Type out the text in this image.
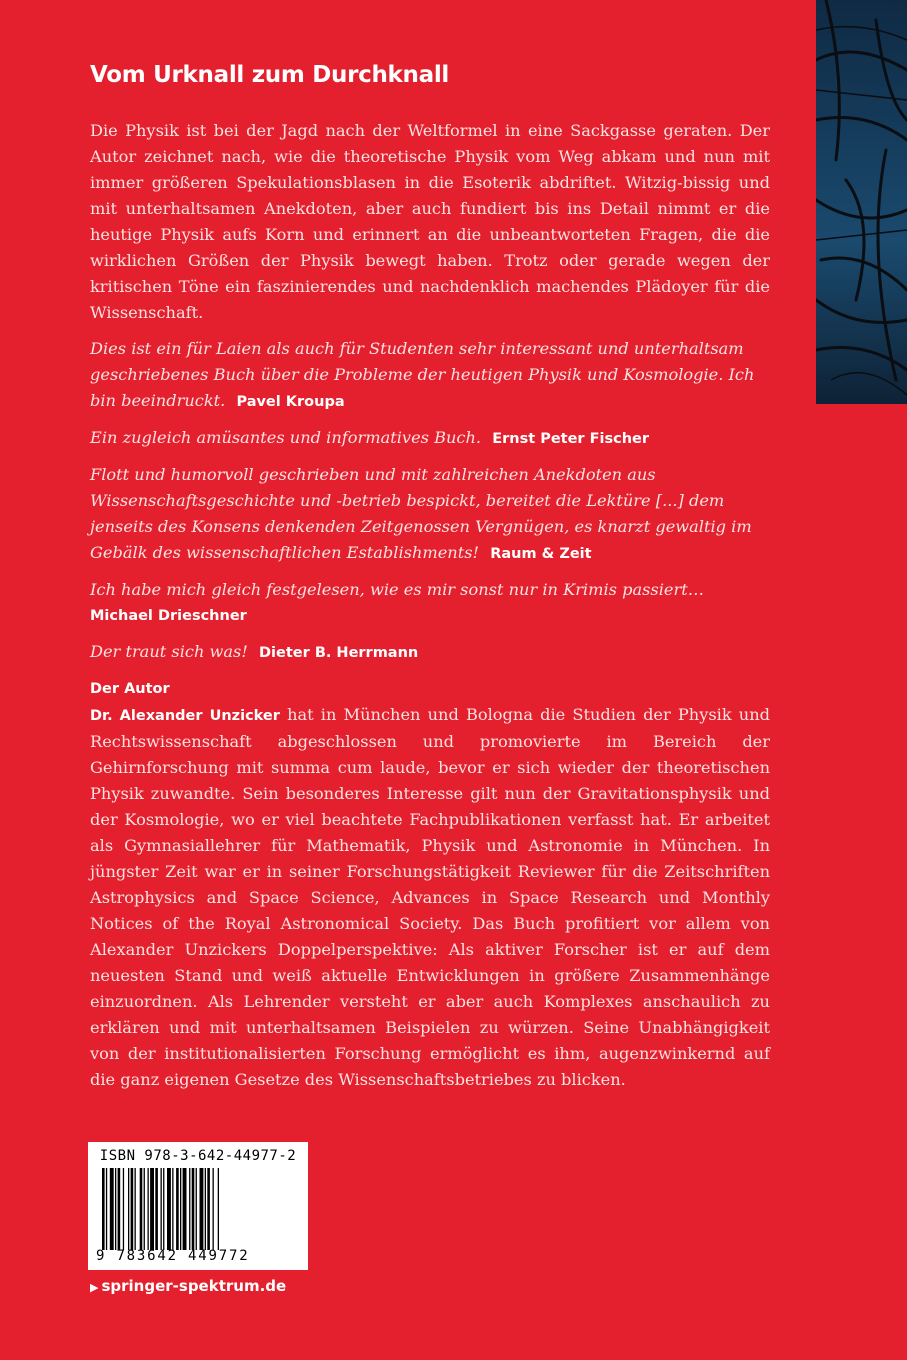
Vom Urknall zum Durchknall

Die Physik ist bei der Jagd nach der Weltformel in eine Sackgasse geraten. Der Autor zeichnet nach, wie die theoretische Physik vom Weg abkam und nun mit immer größeren Spekulationsblasen in die Esoterik abdriftet. Witzig-bissig und mit unterhaltsamen Anekdoten, aber auch fundiert bis ins Detail nimmt er die heutige Physik aufs Korn und erinnert an die unbeantworteten Fragen, die die wirklichen Größen der Physik bewegt haben. Trotz oder gerade wegen der kritischen Töne ein faszinierendes und nachdenklich machendes Plädoyer für die Wissenschaft.

Dies ist ein für Laien als auch für Studenten sehr interessant und unterhaltsam geschriebenes Buch über die Probleme der heutigen Physik und Kosmologie. Ich bin beeindruckt. Pavel Kroupa

Ein zugleich amüsantes und informatives Buch. Ernst Peter Fischer

Flott und humorvoll geschrieben und mit zahlreichen Anekdoten aus Wissenschaftsgeschichte und -betrieb bespickt, bereitet die Lektüre [...] dem jenseits des Konsens denkenden Zeitgenossen Vergnügen, es knarzt gewaltig im Gebälk des wissenschaftlichen Establishments! Raum & Zeit

Ich habe mich gleich festgelesen, wie es mir sonst nur in Krimis passiert…
Michael Drieschner

Der traut sich was! Dieter B. Herrmann

Der Autor

Dr. Alexander Unzicker hat in München und Bologna die Studien der Physik und Rechtswissenschaft abgeschlossen und promovierte im Bereich der Gehirnforschung mit summa cum laude, bevor er sich wieder der theoretischen Physik zuwandte. Sein besonderes Interesse gilt nun der Gravitationsphysik und der Kosmologie, wo er viel beachtete Fachpublikationen verfasst hat. Er arbeitet als Gymnasiallehrer für Mathematik, Physik und Astronomie in München. In jüngster Zeit war er in seiner Forschungstätigkeit Reviewer für die Zeitschriften Astrophysics and Space Science, Advances in Space Research und Monthly Notices of the Royal Astronomical Society. Das Buch profitiert vor allem von Alexander Unzickers Doppelperspektive: Als aktiver Forscher ist er auf dem neuesten Stand und weiß aktuelle Entwicklungen in größere Zusammenhänge einzuordnen. Als Lehrender versteht er aber auch Komplexes anschaulich zu erklären und mit unterhaltsamen Beispielen zu würzen. Seine Unabhängigkeit von der institutionalisierten Forschung ermöglicht es ihm, augenzwinkernd auf die ganz eigenen Gesetze des Wissenschaftsbetriebes zu blicken.

ISBN 978-3-642-44977-2
9 783642 449772
▶ springer-spektrum.de
